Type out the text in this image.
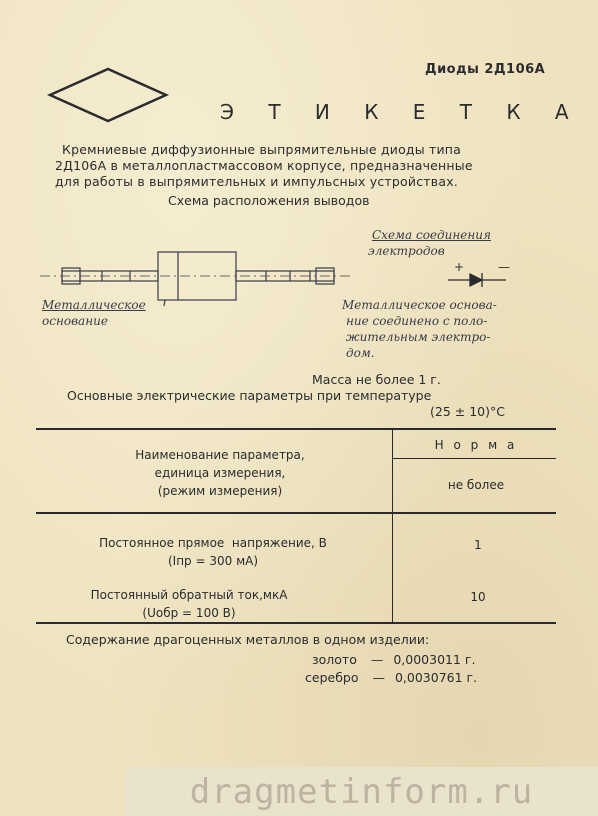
Диоды 2Д106А
Э Т И К Е Т К А
Кремниевые диффузионные выпрямительные диоды типа
2Д106А в металлопластмассовом корпусе, предназначенные
для работы в выпрямительных и импульсных устройствах.
Схема расположения выводов
Металлическое
основание
Схема соединения
электродов
+	—
Металлическое основа-
ние соединено с поло-
жительным электро-
дом.
Масса не более 1 г.
Основные электрические параметры при температуре
(25 ± 10)°С
Наименование параметра,
единица измерения,
(режим измерения)
Н о р м а
не более
Постоянное прямое  напряжение, В
(Iпр = 300 мА)
1
Постоянный обратный ток,мкА
(Uобр = 100 В)
10
Содержание драгоценных металлов в одном изделии:
золото — 0,0003011 г.
серебро — 0,0030761 г.
dragmetinform.ru
